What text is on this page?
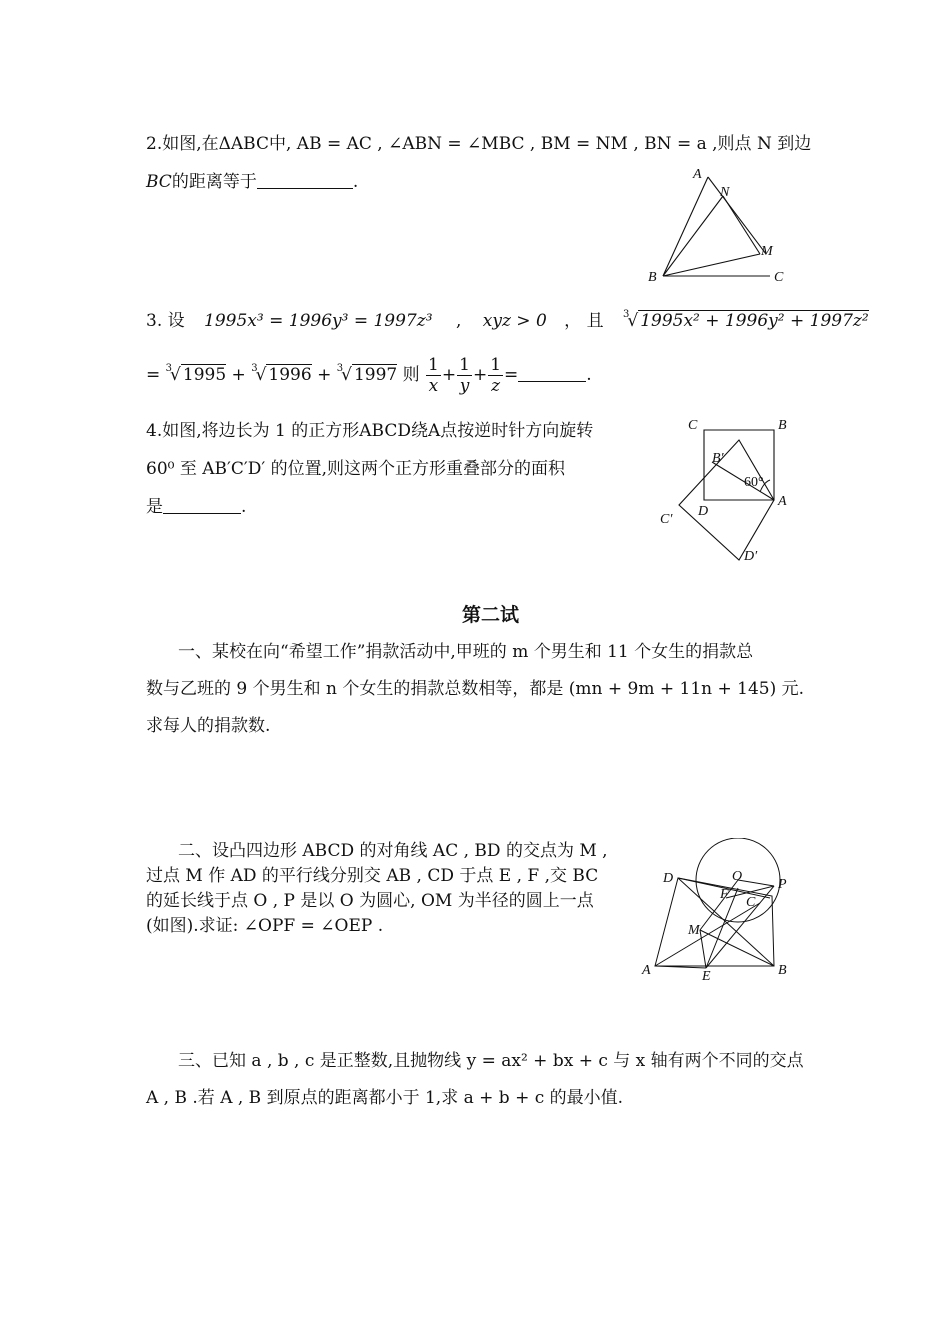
2.如图,在ΔABC中, AB = AC , ∠ABN = ∠MBC , BM = NM , BN = a ,则点 N 到边
BC的距离等于	.	A
N
M
B	C
3. 设 1995x³ = 1996y³ = 1997z³ , xyz > 0 ， 且 $^3$√ 1995x² + 1996y² + 1997z²
= $^3$√ 1995 + $^3$√ 1996 + $^3$√ 1997 则 $\frac{1}{x} + \frac{1}{y} + \frac{1}{z}$ =	.
4.如图,将边长为 1 的正方形ABCD绕A点按逆时针方向旋转
60⁰ 至 AB′C′D′ 的位置,则这两个正方形重叠部分的面积
是	.
C	B
B′
60°
A
C′
D
D′
第二试
一、某校在向“希望工作”捐款活动中,甲班的 m 个男生和 11 个女生的捐款总
数与乙班的 9 个男生和 n 个女生的捐款总数相等，都是 (mn + 9m + 11n + 145) 元.
求每人的捐款数.
二、设凸四边形 ABCD 的对角线 AC , BD 的交点为 M ,
过点 M 作 AD 的平行线分别交 AB , CD 于点 E , F ,交 BC
的延长线于点 O , P 是以 O 为圆心, OM 为半径的圆上一点
(如图).求证: ∠OPF = ∠OEP .
D	O
P
F
C
M
A	E	B
三、已知 a , b , c 是正整数,且抛物线 y = ax² + bx + c 与 x 轴有两个不同的交点
A , B .若 A , B 到原点的距离都小于 1,求 a + b + c 的最小值.
